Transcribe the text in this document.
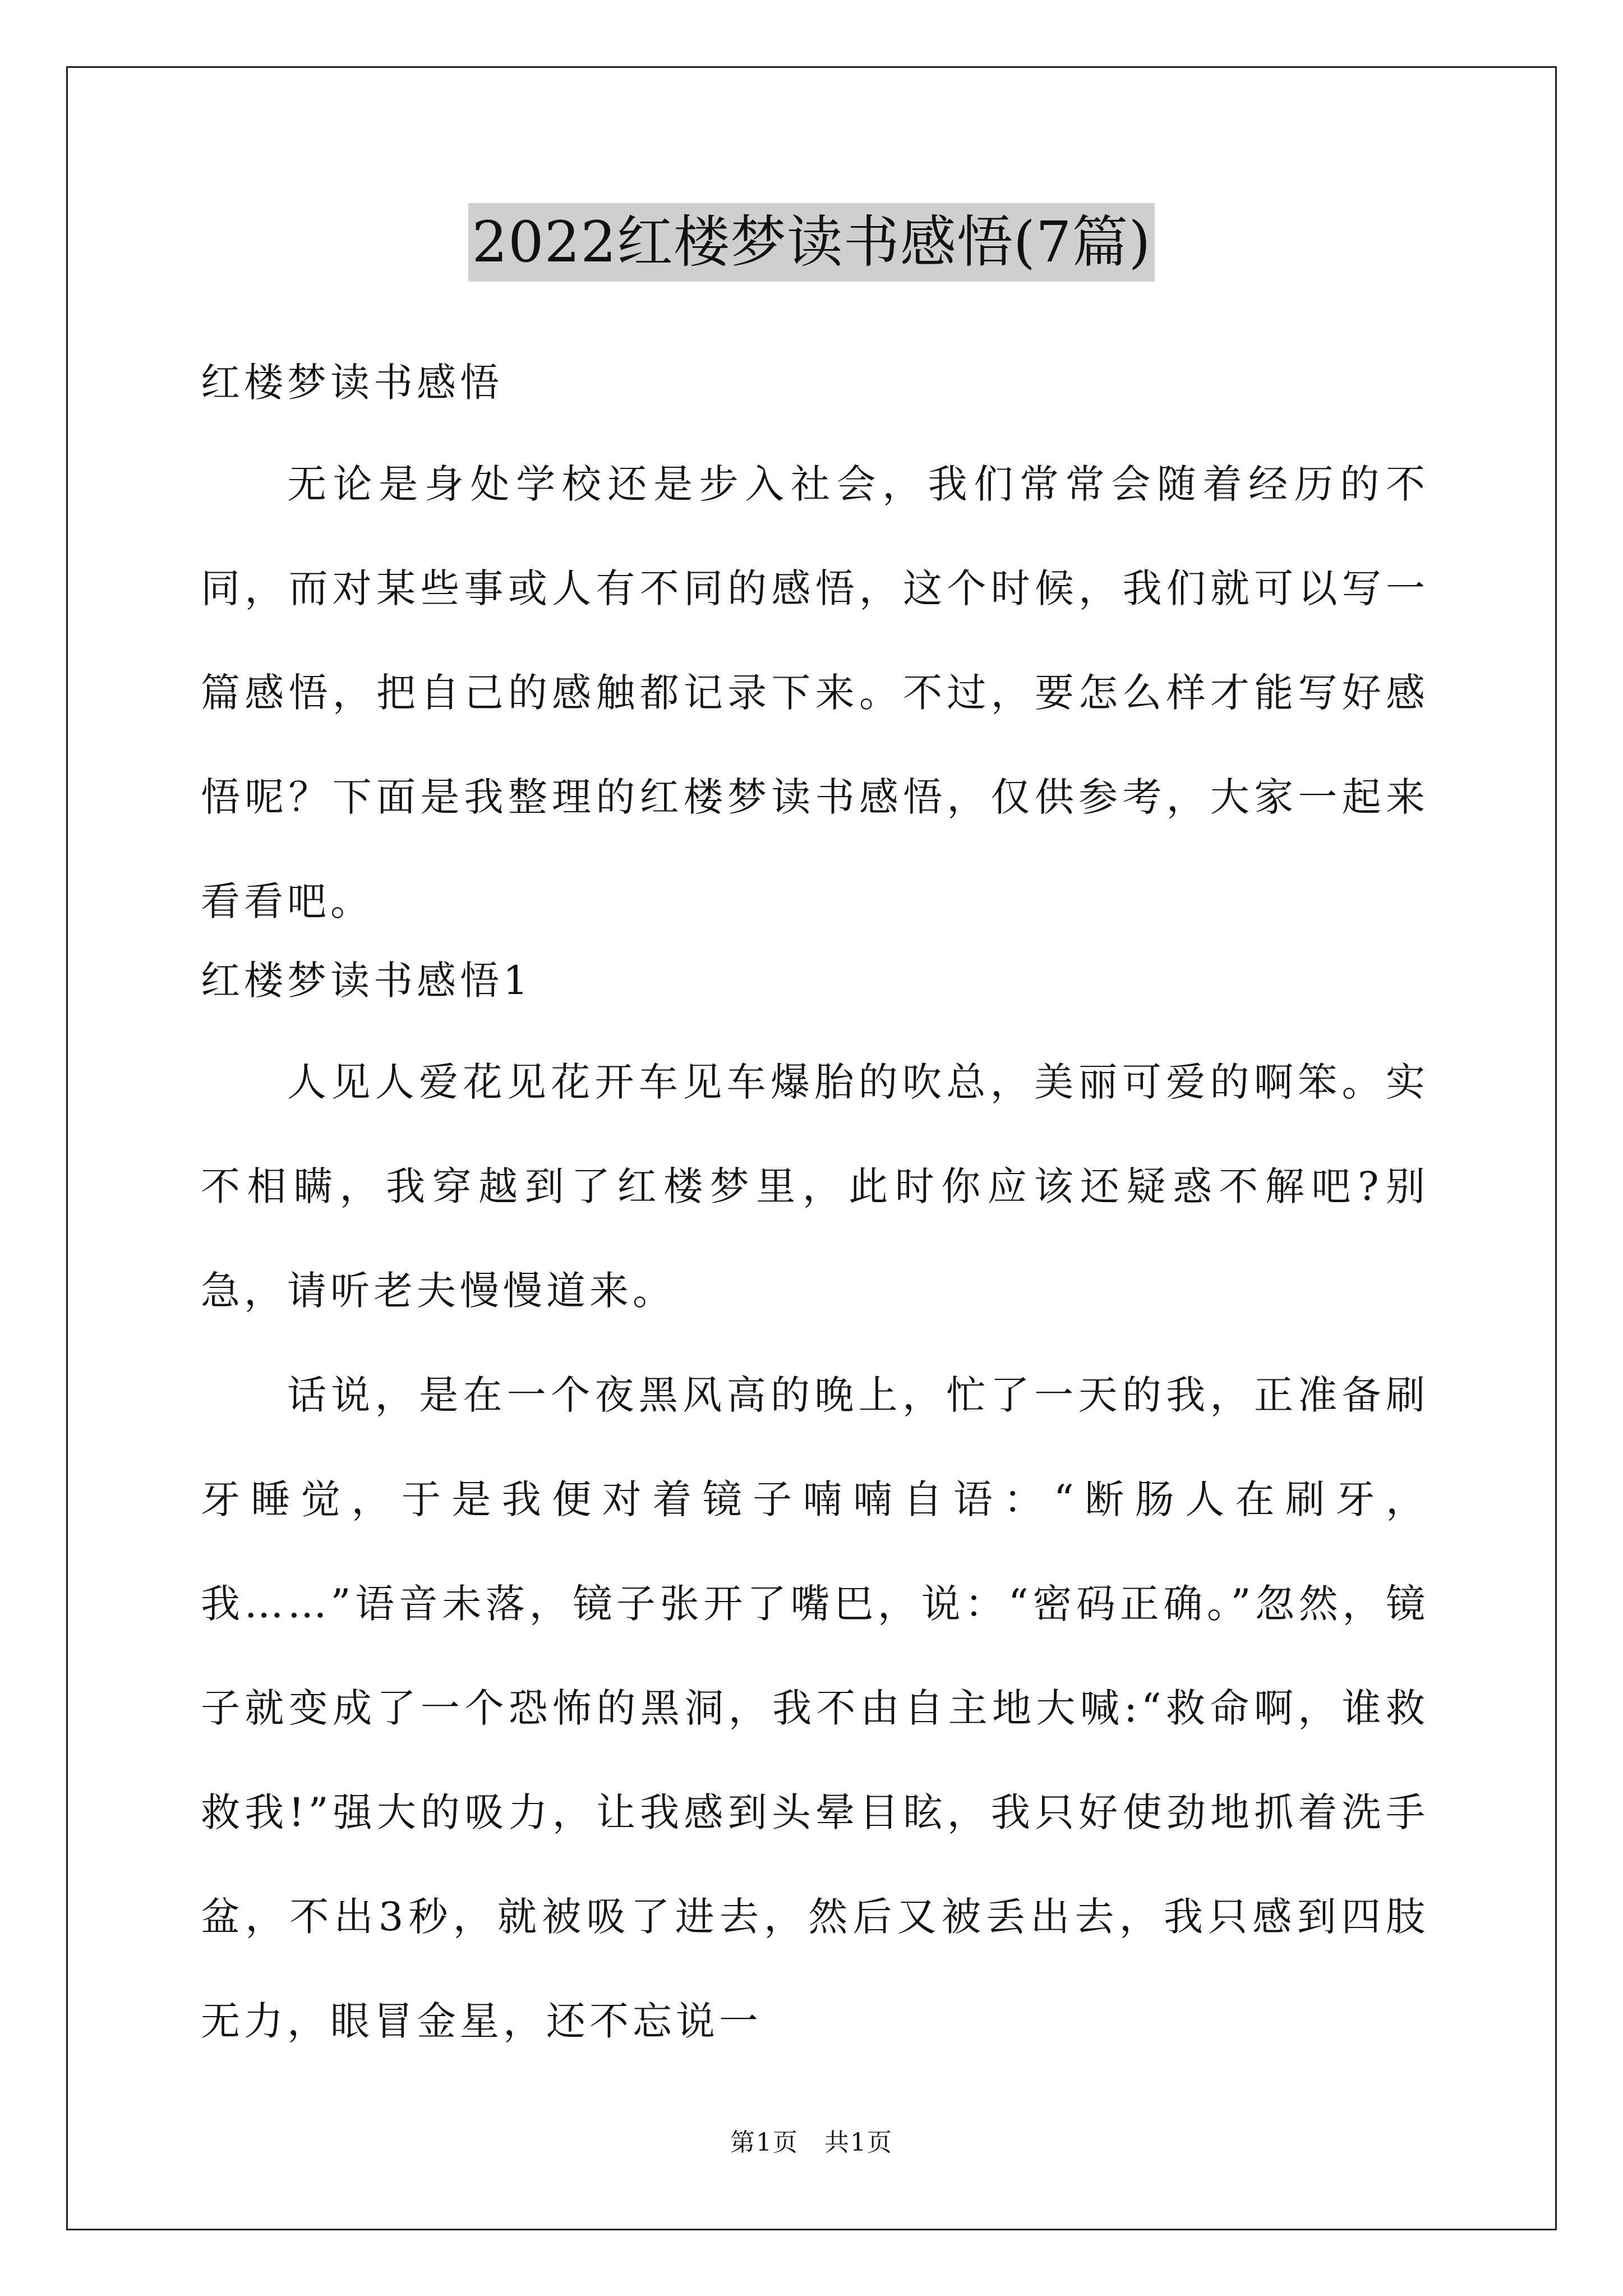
2022红楼梦读书感悟(7篇)

红楼梦读书感悟

无论是身处学校还是步入社会，我们常常会随着经历的不同，而对某些事或人有不同的感悟，这个时候，我们就可以写一篇感悟，把自己的感触都记录下来。不过，要怎么样才能写好感悟呢？下面是我整理的红楼梦读书感悟，仅供参考，大家一起来看看吧。

红楼梦读书感悟1

人见人爱花见花开车见车爆胎的吹总，美丽可爱的啊笨。实不相瞒，我穿越到了红楼梦里，此时你应该还疑惑不解吧?别急，请听老夫慢慢道来。

话说，是在一个夜黑风高的晚上，忙了一天的我，正准备刷牙睡觉，于是我便对着镜子喃喃自语：“断肠人在刷牙，我……”语音未落，镜子张开了嘴巴，说：“密码正确。”忽然，镜子就变成了一个恐怖的黑洞，我不由自主地大喊:“救命啊，谁救救我!”强大的吸力，让我感到头晕目眩，我只好使劲地抓着洗手盆，不出3秒，就被吸了进去，然后又被丢出去，我只感到四肢无力，眼冒金星，还不忘说一

第1页　共1页
